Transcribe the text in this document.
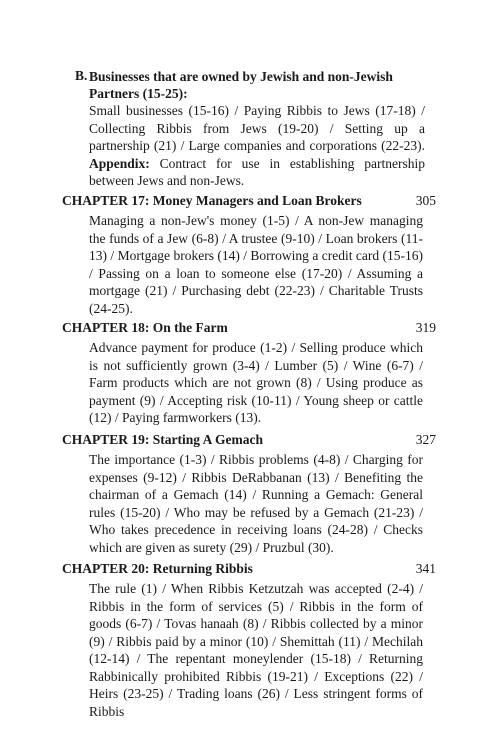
B. Businesses that are owned by Jewish and non-Jewish Partners (15-25):
Small businesses (15-16) / Paying Ribbis to Jews (17-18) / Collecting Ribbis from Jews (19-20) / Setting up a partnership (21) / Large companies and corporations (22-23). Appendix: Contract for use in establishing partnership between Jews and non-Jews.
CHAPTER 17: Money Managers and Loan Brokers	305
Managing a non-Jew's money (1-5) / A non-Jew managing the funds of a Jew (6-8) / A trustee (9-10) / Loan brokers (11-13) / Mortgage brokers (14) / Borrowing a credit card (15-16) / Passing on a loan to someone else (17-20) / Assuming a mortgage (21) / Purchasing debt (22-23) / Charitable Trusts (24-25).
CHAPTER 18: On the Farm	319
Advance payment for produce (1-2) / Selling produce which is not sufficiently grown (3-4) / Lumber (5) / Wine (6-7) / Farm products which are not grown (8) / Using produce as payment (9) / Accepting risk (10-11) / Young sheep or cattle (12) / Paying farmworkers (13).
CHAPTER 19: Starting A Gemach	327
The importance (1-3) / Ribbis problems (4-8) / Charging for expenses (9-12) / Ribbis DeRabbanan (13) / Benefiting the chairman of a Gemach (14) / Running a Gemach: General rules (15-20) / Who may be refused by a Gemach (21-23) / Who takes precedence in receiving loans (24-28) / Checks which are given as surety (29) / Pruzbul (30).
CHAPTER 20: Returning Ribbis	341
The rule (1) / When Ribbis Ketzutzah was accepted (2-4) / Ribbis in the form of services (5) / Ribbis in the form of goods (6-7) / Tovas hanaah (8) / Ribbis collected by a minor (9) / Ribbis paid by a minor (10) / Shemittah (11) / Mechilah (12-14) / The repentant moneylender (15-18) / Returning Rabbinically prohibited Ribbis (19-21) / Exceptions (22) / Heirs (23-25) / Trading loans (26) / Less stringent forms of Ribbis
